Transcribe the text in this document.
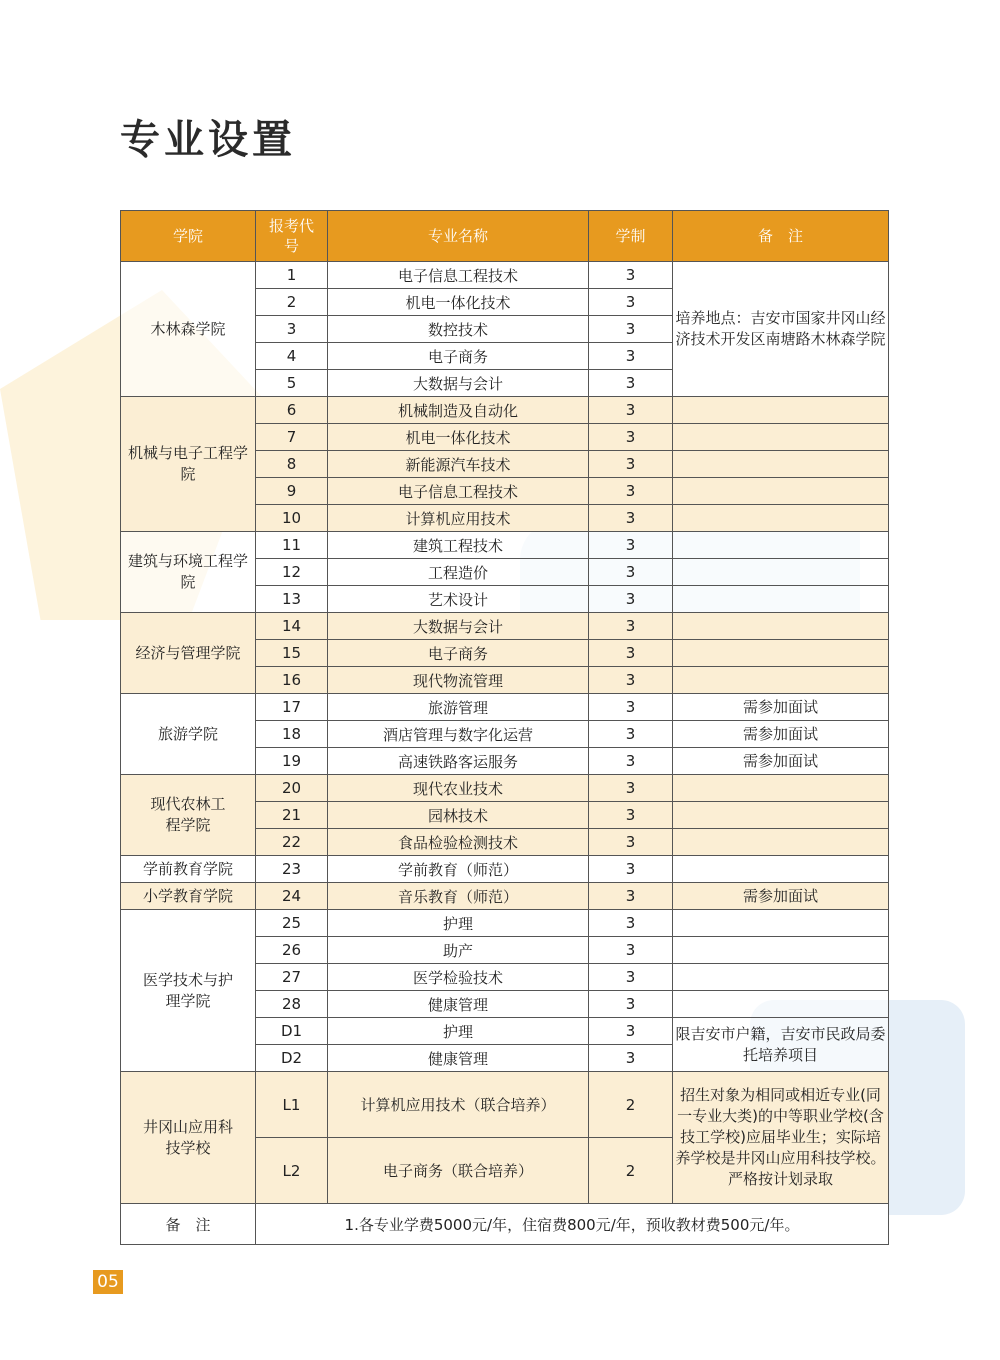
专业设置
学院	报考代号	专业名称	学制	备　注
木林森学院	1	电子信息工程技术	3	培养地点：吉安市国家井冈山经济技术开发区南塘路木林森学院
	2	机电一体化技术	3	
	3	数控技术	3	
	4	电子商务	3	
	5	大数据与会计	3	
机械与电子工程学院	6	机械制造及自动化	3	
	7	机电一体化技术	3	
	8	新能源汽车技术	3	
	9	电子信息工程技术	3	
	10	计算机应用技术	3	
建筑与环境工程学院	11	建筑工程技术	3	
	12	工程造价	3	
	13	艺术设计	3	
经济与管理学院	14	大数据与会计	3	
	15	电子商务	3	
	16	现代物流管理	3	
旅游学院	17	旅游管理	3	需参加面试
	18	酒店管理与数字化运营	3	需参加面试
	19	高速铁路客运服务	3	需参加面试
现代农林工程学院	20	现代农业技术	3	
	21	园林技术	3	
	22	食品检验检测技术	3	
学前教育学院	23	学前教育（师范）	3	
小学教育学院	24	音乐教育（师范）	3	需参加面试
医学技术与护理学院	25	护理	3	
	26	助产	3	
	27	医学检验技术	3	
	28	健康管理	3	
	D1	护理	3	限吉安市户籍，吉安市民政局委托培养项目
	D2	健康管理	3	
井冈山应用科技学校	L1	计算机应用技术（联合培养）	2	招生对象为相同或相近专业(同一专业大类)的中等职业学校(含技工学校)应届毕业生；实际培养学校是井冈山应用科技学校。严格按计划录取
	L2	电子商务（联合培养）	2	
备　注	1.各专业学费5000元/年，住宿费800元/年，预收教材费500元/年。			
05
